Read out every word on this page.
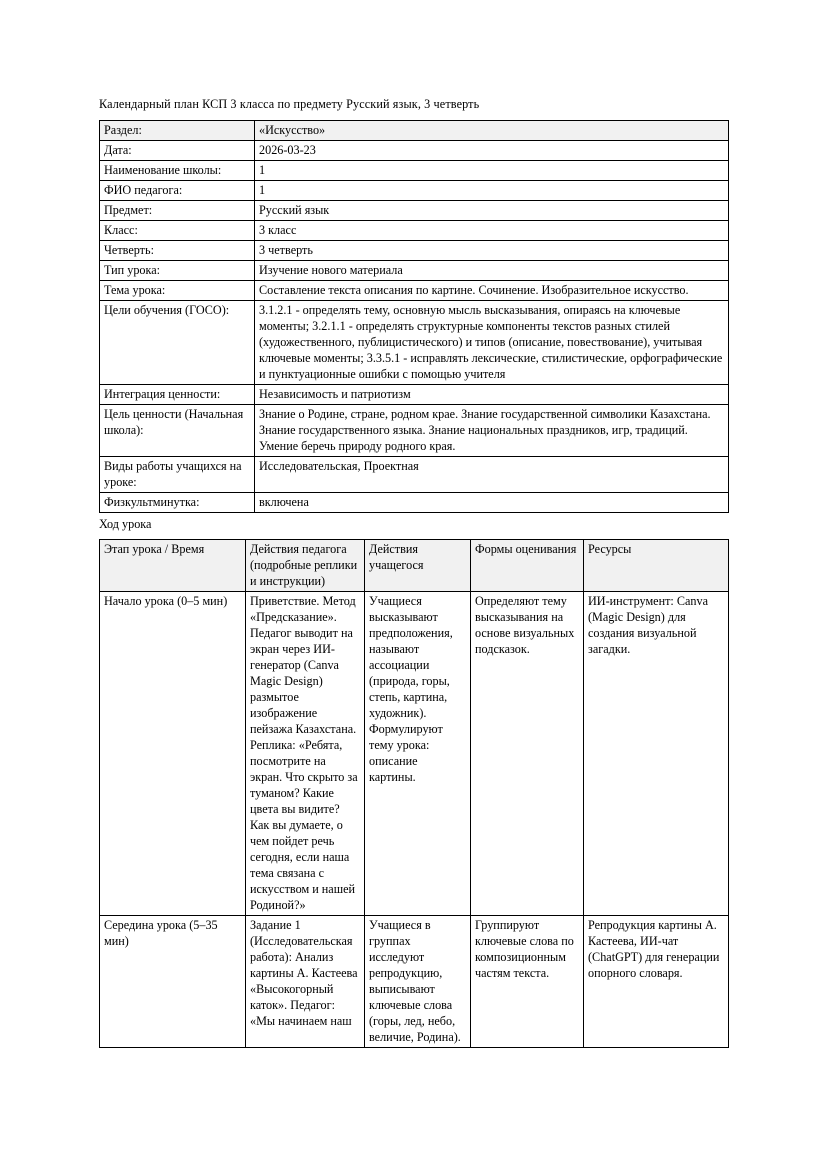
Календарный план КСП 3 класса по предмету Русский язык, 3 четверть

Раздел:	«Искусство»
Дата:	2026-03-23
Наименование школы:	1
ФИО педагога:	1
Предмет:	Русский язык
Класс:	3 класс
Четверть:	3 четверть
Тип урока:	Изучение нового материала
Тема урока:	Составление текста описания по картине. Сочинение. Изобразительное искусство.
Цели обучения (ГОСО):	3.1.2.1 - определять тему, основную мысль высказывания, опираясь на ключевые моменты; 3.2.1.1 - определять структурные компоненты текстов разных стилей (художественного, публицистического) и типов (описание, повествование), учитывая ключевые моменты; 3.3.5.1 - исправлять лексические, стилистические, орфографические и пунктуационные ошибки с помощью учителя
Интеграция ценности:	Независимость и патриотизм
Цель ценности (Начальная школа):	Знание о Родине, стране, родном крае. Знание государственной символики Казахстана. Знание государственного языка. Знание национальных праздников, игр, традиций. Умение беречь природу родного края.
Виды работы учащихся на уроке:	Исследовательская, Проектная
Физкультминутка:	включена

Ход урока

Этап урока / Время	Действия педагога (подробные реплики и инструкции)	Действия учащегося	Формы оценивания	Ресурсы
Начало урока (0–5 мин)	Приветствие. Метод «Предсказание». Педагог выводит на экран через ИИ-генератор (Canva Magic Design) размытое изображение пейзажа Казахстана. Реплика: «Ребята, посмотрите на экран. Что скрыто за туманом? Какие цвета вы видите? Как вы думаете, о чем пойдет речь сегодня, если наша тема связана с искусством и нашей Родиной?»	Учащиеся высказывают предположения, называют ассоциации (природа, горы, степь, картина, художник). Формулируют тему урока: описание картины.	Определяют тему высказывания на основе визуальных подсказок.	ИИ-инструмент: Canva (Magic Design) для создания визуальной загадки.
Середина урока (5–35 мин)	Задание 1 (Исследовательская работа): Анализ картины А. Кастеева «Высокогорный каток». Педагог: «Мы начинаем наш	Учащиеся в группах исследуют репродукцию, выписывают ключевые слова (горы, лед, небо, величие, Родина).	Группируют ключевые слова по композиционным частям текста.	Репродукция картины А. Кастеева, ИИ-чат (ChatGPT) для генерации опорного словаря.
